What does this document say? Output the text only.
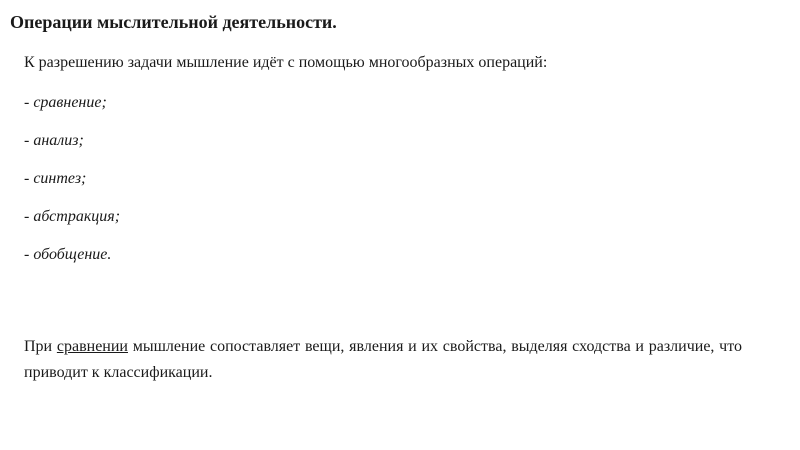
Операции мыслительной деятельности.
К разрешению задачи мышление идёт с помощью многообразных операций:
- сравнение;
- анализ;
- синтез;
- абстракция;
- обобщение.

При сравнении мышление сопоставляет вещи, явления и их свойства, выделяя сходства и различие, что приводит к классификации.
